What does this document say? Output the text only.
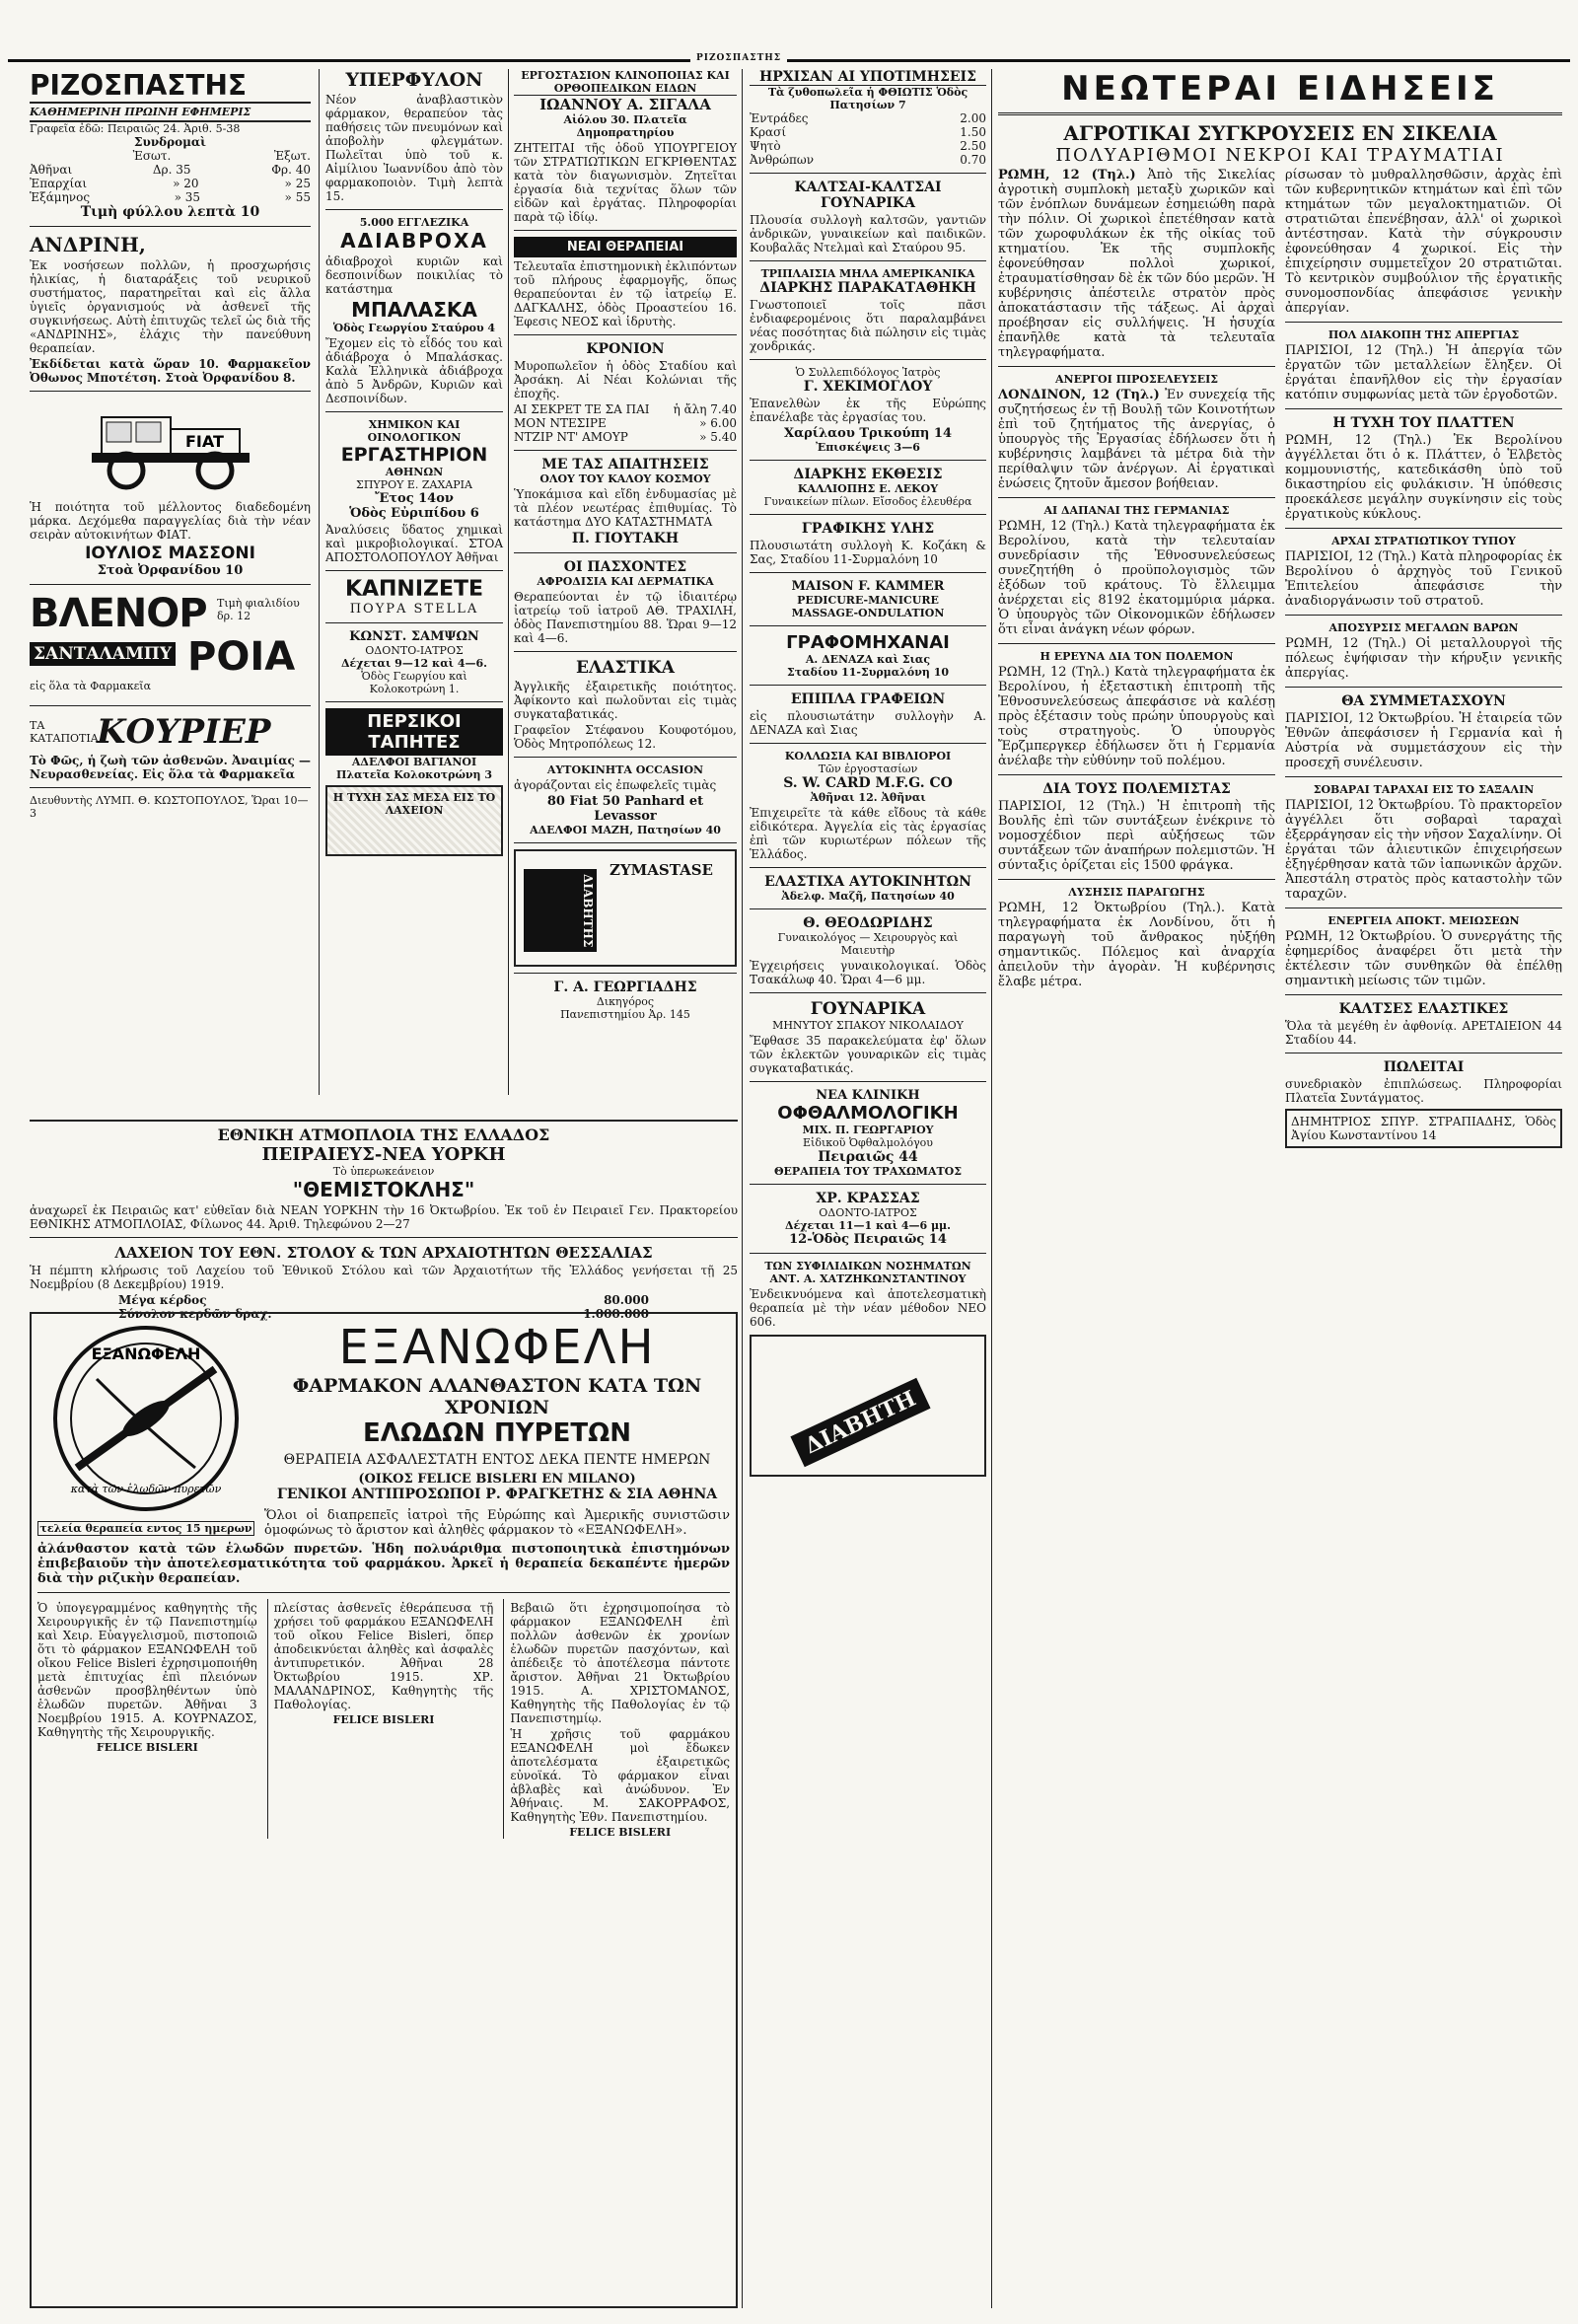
ΡΙΖΟΣΠΑΣΤΗΣ
ΡΙΖΟΣΠΑΣΤΗΣ
ΚΑΘΗΜΕΡΙΝΗ ΠΡΩΙΝΗ ΕΦΗΜΕΡΙΣ
Γραφεῖα ἐδῶ: Πειραιῶς 24. Ἀριθ. 5-38
Συνδρομαὶ
Ἐσωτ.	Ἐξωτ.
Ἀθῆναι	Δρ. 35	Φρ. 40
Ἐπαρχίαι	» 20	» 25
Ἑξάμηνος	» 35	» 55
Τιμὴ φύλλου λεπτὰ 10
ΑΝΔΡΙΝΗ,
Ἐκ νοσήσεων πολλῶν, ἡ προσχωρήσις ἡλικίας, ἡ διαταράξεις τοῦ νευρικοῦ συστήματος, παρατηρεῖται καὶ εἰς ἄλλα ὑγιεῖς ὀργανισμούς νὰ ἀσθενεῖ τῆς συγκινήσεως. Αὐτὴ ἐπιτυχῶς τελεῖ ὡς διὰ τῆς «ΑΝΔΡΙΝΗΣ», ἐλάχις τὴν πανεύθυνη θεραπείαν.
Ἐκδίδεται κατὰ ὥραν 10. Φαρμακεῖον Ὀθωνος Μποτέτση. Στοὰ Ὀρφανίδου 8.
FIAT
Ἡ ποιότητα τοῦ μέλλοντος διαδεδομένη μάρκα. Δεχόμεθα παραγγελίας διὰ τὴν νέαν σειρὰν αὐτοκινήτων ΦΙΑΤ.
ΙΟΥΛΙΟΣ ΜΑΣΣΟΝΙ
Στοὰ Ὀρφανίδου 10
ΒΛΕΝΟΡ Τιμὴ φιαλιδίου δρ. 12
ΣΑΝΤΑΛΑΜΠΥ ΡΟΙΑ
εἰς ὅλα τὰ Φαρμακεῖα
ΤΑ ΚΑΤΑΠΟΤΙΑ
ΚΟΥΡΙΕΡ
Τὸ Φῶς, ἡ ζωὴ τῶν ἀσθενῶν. Ἀναιμίας — Νευρασθενείας. Εἰς ὅλα τὰ Φαρμακεῖα
Διευθυντὴς ΛΥΜΠ. Θ. ΚΩΣΤΟΠΟΥΛΟΣ, Ὥραι 10—3
ΥΠΕΡΦΥΛΟΝ
Νέον ἀναβλαστικὸν φάρμακον, θεραπεύον τὰς παθήσεις τῶν πνευμόνων καὶ ἀποβολὴν φλεγμάτων. Πωλεῖται ὑπὸ τοῦ κ. Αἰμίλιου Ἰωαννίδου ἀπὸ τὸν φαρμακοποιὸν. Τιμὴ λεπτὰ 15.
5.000 ΕΓΓΛΕΖΙΚΑ
ΑΔΙΑΒΡΟΧΑ
ἀδιαβροχοὶ κυριῶν καὶ δεσποινίδων ποικιλίας τὸ κατάστημα
ΜΠΑΛΑΣΚΑ
Ὁδὸς Γεωργίου Σταύρου 4
Ἔχομεν εἰς τὸ εἶδός του καὶ ἀδιάβροχα ὁ Μπαλάσκας. Καλὰ Ἐλληνικὰ ἀδιάβροχα ἀπὸ 5 Ἀνδρῶν, Κυριῶν καὶ Δεσποινίδων.
ΧΗΜΙΚΟΝ ΚΑΙ ΟΙΝΟΛΟΓΙΚΟΝ
ΕΡΓΑΣΤΗΡΙΟΝ
ΑΘΗΝΩΝ
ΣΠΥΡΟΥ Ε. ΖΑΧΑΡΙΑ
Ἔτος 14ον
Ὁδὸς Εὐριπίδου 6
Ἀναλύσεις ὕδατος χημικαὶ καὶ μικροβιολογικαί. ΣΤΟΑ ΑΠΟΣΤΟΛΟΠΟΥΛΟΥ Ἀθῆναι
ΚΑΠΝΙΖΕΤΕ
ΠΟΥΡΑ STELLA
ΚΩΝΣΤ. ΣΑΜΨΩΝ
ΟΔΟΝΤΟ-ΙΑΤΡΟΣ
Δέχεται 9—12 καὶ 4—6.
Ὁδὸς Γεωργίου καὶ Κολοκοτρώνη 1.
ΠΕΡΣΙΚΟΙ ΤΑΠΗΤΕΣ
ΑΔΕΛΦΟΙ ΒΑΓΙΑΝΟΙ
Πλατεῖα Κολοκοτρώνη 3
Η ΤΥΧΗ ΣΑΣ ΜΕΣΑ ΕΙΣ ΤΟ ΛΑΧΕΙΟΝ
ΕΡΓΟΣΤΑΣΙΟΝ ΚΛΙΝΟΠΟΙΙΑΣ ΚΑΙ ΟΡΘΟΠΕΔΙΚΩΝ ΕΙΔΩΝ
ΙΩΑΝΝΟΥ Α. ΣΙΓΑΛΑ
Αἰόλου 30. Πλατεῖα Δημοπρατηρίου
ΖΗΤΕΙΤΑΙ τῆς ὁδοῦ ΥΠΟΥΡΓΕΙΟΥ τῶν ΣΤΡΑΤΙΩΤΙΚΩΝ ΕΓΚΡΙΘΕΝΤΑΣ κατὰ τὸν διαγωνισμὸν. Ζητεῖται ἐργασία διὰ τεχνίτας ὅλων τῶν εἰδῶν καὶ ἐργάτας. Πληροφορίαι παρὰ τῷ ἰδίῳ.
ΝΕΑΙ ΘΕΡΑΠΕΙΑΙ
Τελευταῖα ἐπιστημονικὴ ἐκλιπόντων τοῦ πλήρους ἐφαρμογῆς, ὅπως θεραπεύονται ἐν τῷ ἰατρείῳ Ε. ΔΑΓΚΑΛΗΣ, ὁδὸς Προαστείου 16. Ἐφεσις ΝΕΟΣ καὶ ἱδρυτὴς.
ΚΡΟΝΙΟΝ
Μυροπωλεῖον ἡ ὁδὸς Σταδίου καὶ Ἀρσάκη. Αἱ Νέαι Κολώνιαι τῆς ἐποχῆς.
ΑΙ ΣΕΚΡΕΤ ΤΕ ΣΑ ΠΑΙ ἡ ἄλη 7.40
ΜΟΝ ΝΤΕΣΙΡΕ	» 6.00
ΝΤΖΙΡ ΝΤ' ΑΜΟΥΡ	» 5.40
ΜΕ ΤΑΣ ΑΠΑΙΤΗΣΕΙΣ
ΟΛΟΥ ΤΟΥ ΚΑΛΟΥ ΚΟΣΜΟΥ
Ὑποκάμισα καὶ εἴδη ἐνδυμασίας μὲ τὰ πλέον νεωτέρας ἐπιθυμίας. Τὸ κατάστημα ΔΥΟ ΚΑΤΑΣΤΗΜΑΤΑ
Π. ΓΙΟΥΤΑΚΗ
ΟΙ ΠΑΣΧΟΝΤΕΣ
ΑΦΡΟΔΙΣΙΑ ΚΑΙ ΔΕΡΜΑΤΙΚΑ
Θεραπεύονται ἐν τῷ ἰδιαιτέρῳ ἰατρείῳ τοῦ ἰατροῦ ΑΘ. ΤΡΑΧΙΛΗ, ὁδὸς Πανεπιστημίου 88. Ὥραι 9—12 καὶ 4—6.
ΕΛΑΣΤΙΚΑ
Ἀγγλικῆς ἐξαιρετικῆς ποιότητος. Ἀφίκοντο καὶ πωλοῦνται εἰς τιμὰς συγκαταβατικάς.
Γραφεῖον Στέφανου Κουφοτόμου, Ὁδὸς Μητροπόλεως 12.
ΑΥΤΟΚΙΝΗΤΑ OCCASION
ἀγοράζονται εἰς ἐπωφελεῖς τιμὰς
80 Fiat 50 Panhard et Levassor
ΑΔΕΛΦΟΙ ΜΑΖΗ, Πατησίων 40
ΔΙΑΒΗΤΗΣ
ZYMASTASE
Γ. Α. ΓΕΩΡΓΙΑΔΗΣ
Δικηγόρος
Πανεπιστημίου Ἀρ. 145
ΗΡΧΙΣΑΝ ΑΙ ΥΠΟΤΙΜΗΣΕΙΣ
Τὰ ζυθοπωλεῖα ἡ ΦΘΙΩΤΙΣ Ὁδὸς Πατησίων 7
Ἐντράδες	2.00
Κρασί	1.50
Ψητὸ	2.50
Ἀνθρώπων	0.70
ΚΑΛΤΣΑΙ-ΚΑΛΤΣΑΙ
ΓΟΥΝΑΡΙΚΑ
Πλουσία συλλογὴ καλτσῶν, γαντιῶν ἀνδρικῶν, γυναικείων καὶ παιδικῶν. Κουβαλᾶς Ντελμαὶ καὶ Σταύρου 95.
ΤΡΙΠΛΑΙΣΙΑ ΜΗΛΑ ΑΜΕΡΙΚΑΝΙΚΑ
ΔΙΑΡΚΗΣ ΠΑΡΑΚΑΤΑΘΗΚΗ
Γνωστοποιεῖ τοῖς πᾶσι ἐνδιαφερομένοις ὅτι παραλαμβάνει νέας ποσότητας διὰ πώλησιν εἰς τιμὰς χονδρικάς.
Ὁ Συλλεπιδόλογος Ἰατρὸς
Γ. ΧΕΚΙΜΟΓΛΟΥ
Ἐπανελθὼν ἐκ τῆς Εὐρώπης ἐπανέλαβε τὰς ἐργασίας του.
Χαρίλαου Τρικούπη 14
Ἐπισκέψεις 3—6
ΔΙΑΡΚΗΣ ΕΚΘΕΣΙΣ
ΚΑΛΛΙΟΠΗΣ Ε. ΛΕΚΟΥ
Γυναικείων πίλων. Εἴσοδος ἐλευθέρα
ΓΡΑΦΙΚΗΣ ΥΛΗΣ
Πλουσιωτάτη συλλογὴ Κ. Κοζάκη & Σας, Σταδίου 11-Συρμαλόνη 10
MAISON F. KAMMER
PEDICURE-MANICURE
MASSAGE-ONDULATION
ΓΡΑΦΟΜΗΧΑΝΑΙ
Α. ΔΕΝΑΖΑ καὶ Σιας
Σταδίου 11-Συρμαλόνη 10
ΕΠΙΠΛΑ ΓΡΑΦΕΙΩΝ
εἰς πλουσιωτάτην συλλογὴν Α. ΔΕΝΑΖΑ καὶ Σιας
ΚΟΛΛΩΣΙΑ ΚΑΙ ΒΙΒΛΙΟΡΟΙ
Τῶν ἐργοστασίων
S. W. CARD M.F.G. CO
Ἀθῆναι 12. Ἀθῆναι
Ἐπιχειρεῖτε τὰ κάθε εἴδους τὰ κάθε εἰδικότερα. Ἀγγελία εἰς τὰς ἐργασίας ἐπὶ τῶν κυριωτέρων πόλεων τῆς Ἑλλάδος.
ΕΛΑΣΤΙΧΑ ΑΥΤΟΚΙΝΗΤΩΝ
Ἀδελφ. Μαζῆ, Πατησίων 40
Θ. ΘΕΟΔΩΡΙΔΗΣ
Γυναικολόγος — Χειρουργὸς καὶ Μαιευτὴρ
Ἐγχειρήσεις γυναικολογικαί. Ὁδὸς Τσακάλωφ 40. Ὥραι 4—6 μμ.
ΓΟΥΝΑΡΙΚΑ
ΜΗΝΥΤΟΥ ΣΠΑΚΟΥ ΝΙΚΟΛΑΙΔΟΥ
Ἔφθασε 35 παρακελεύματα ἐφ' ὅλων τῶν ἐκλεκτῶν γουναρικῶν εἰς τιμὰς συγκαταβατικάς.
ΝΕΑ ΚΛΙΝΙΚΗ
ΟΦΘΑΛΜΟΛΟΓΙΚΗ
ΜΙΧ. Π. ΓΕΩΡΓΑΡΙΟΥ
Εἰδικοῦ Ὀφθαλμολόγου
Πειραιῶς 44
ΘΕΡΑΠΕΙΑ ΤΟΥ ΤΡΑΧΩΜΑΤΟΣ
ΧΡ. ΚΡΑΣΣΑΣ
ΟΔΟΝΤΟ-ΙΑΤΡΟΣ
Δέχεται 11—1 καὶ 4—6 μμ.
12-Ὁδὸς Πειραιῶς 14
ΤΩΝ ΣΥΦΙΛΙΔΙΚΩΝ ΝΟΣΗΜΑΤΩΝ
ΑΝΤ. Α. ΧΑΤΖΗΚΩΝΣΤΑΝΤΙΝΟΥ
Ἐνδεικνυόμενα καὶ ἀποτελεσματικὴ θεραπεία μὲ τὴν νέαν μέθοδον NEO 606.
ΔΙΑΒΗΤΗ
ΝΕΩΤΕΡΑΙ ΕΙΔΗΣΕΙΣ
ΑΓΡΟΤΙΚΑΙ ΣΥΓΚΡΟΥΣΕΙΣ ΕΝ ΣΙΚΕΛΙΑ
ΠΟΛΥΑΡΙΘΜΟΙ ΝΕΚΡΟΙ ΚΑΙ ΤΡΑΥΜΑΤΙΑΙ
ΡΩΜΗ, 12 (Τηλ.) Ἀπὸ τῆς Σικελίας ἀγροτικὴ συμπλοκὴ μεταξὺ χωρικῶν καὶ τῶν ἐνόπλων δυνάμεων ἐσημειώθη παρὰ τὴν πόλιν. Οἱ χωρικοὶ ἐπετέθησαν κατὰ τῶν χωροφυλάκων ἐκ τῆς οἰκίας τοῦ κτηματίου. Ἐκ τῆς συμπλοκῆς ἐφονεύθησαν πολλοὶ χωρικοί, ἐτραυματίσθησαν δὲ ἐκ τῶν δύο μερῶν. Ἡ κυβέρνησις ἀπέστειλε στρατὸν πρὸς ἀποκατάστασιν τῆς τάξεως. Αἱ ἀρχαὶ προέβησαν εἰς συλλήψεις. Ἡ ἡσυχία ἐπανῆλθε κατὰ τὰ τελευταῖα τηλεγραφήματα.
ΑΝΕΡΓΟΙ ΠΙΡΟΣΕΛΕΥΣΕΙΣ
ΛΟΝΔΙΝΟΝ, 12 (Τηλ.) Ἐν συνεχείᾳ τῆς συζητήσεως ἐν τῇ Βουλῇ τῶν Κοινοτήτων ἐπὶ τοῦ ζητήματος τῆς ἀνεργίας, ὁ ὑπουργὸς τῆς Ἐργασίας ἐδήλωσεν ὅτι ἡ κυβέρνησις λαμβάνει τὰ μέτρα διὰ τὴν περίθαλψιν τῶν ἀνέργων. Αἱ ἐργατικαὶ ἑνώσεις ζητοῦν ἄμεσον βοήθειαν.
ΑΙ ΔΑΠΑΝΑΙ ΤΗΣ ΓΕΡΜΑΝΙΑΣ
ΡΩΜΗ, 12 (Τηλ.) Κατὰ τηλεγραφήματα ἐκ Βερολίνου, κατὰ τὴν τελευταίαν συνεδρίασιν τῆς Ἐθνοσυνελεύσεως συνεζητήθη ὁ προϋπολογισμὸς τῶν ἐξόδων τοῦ κράτους. Τὸ ἔλλειμμα ἀνέρχεται εἰς 8192 ἑκατομμύρια μάρκα. Ὁ ὑπουργὸς τῶν Οἰκονομικῶν ἐδήλωσεν ὅτι εἶναι ἀνάγκη νέων φόρων.
Η ΕΡΕΥΝΑ ΔΙΑ ΤΟΝ ΠΟΛΕΜΟΝ
ΡΩΜΗ, 12 (Τηλ.) Κατὰ τηλεγραφήματα ἐκ Βερολίνου, ἡ ἐξεταστικὴ ἐπιτροπὴ τῆς Ἐθνοσυνελεύσεως ἀπεφάσισε νὰ καλέσῃ πρὸς ἐξέτασιν τοὺς πρώην ὑπουργοὺς καὶ τοὺς στρατηγοὺς. Ὁ ὑπουργὸς Ἔρζμπεργκερ ἐδήλωσεν ὅτι ἡ Γερμανία ἀνέλαβε τὴν εὐθύνην τοῦ πολέμου.
ΔΙΑ ΤΟΥΣ ΠΟΛΕΜΙΣΤΑΣ
ΠΑΡΙΣΙΟΙ, 12 (Τηλ.) Ἡ ἐπιτροπὴ τῆς Βουλῆς ἐπὶ τῶν συντάξεων ἐνέκρινε τὸ νομοσχέδιον περὶ αὐξήσεως τῶν συντάξεων τῶν ἀναπήρων πολεμιστῶν. Ἡ σύνταξις ὁρίζεται εἰς 1500 φράγκα.
ΛΥΣΗΣΙΣ ΠΑΡΑΓΩΓΗΣ
ΡΩΜΗ, 12 Ὀκτωβρίου (Τηλ.). Κατὰ τηλεγραφήματα ἐκ Λονδίνου, ὅτι ἡ παραγωγὴ τοῦ ἄνθρακος ηὐξήθη σημαντικῶς. Πόλεμος καὶ ἀναρχία ἀπειλοῦν τὴν ἀγορὰν. Ἡ κυβέρνησις ἔλαβε μέτρα.
ρίσωσαν τὸ μυθραλλησθῶσιν, ἀρχὰς ἐπὶ τῶν κυβερνητικῶν κτημάτων καὶ ἐπὶ τῶν κτημάτων τῶν μεγαλοκτηματιῶν. Οἱ στρατιῶται ἐπενέβησαν, ἀλλ' οἱ χωρικοὶ ἀντέστησαν. Κατὰ τὴν σύγκρουσιν ἐφονεύθησαν 4 χωρικοί. Εἰς τὴν ἐπιχείρησιν συμμετεῖχον 20 στρατιῶται. Τὸ κεντρικὸν συμβούλιον τῆς ἐργατικῆς συνομοσπονδίας ἀπεφάσισε γενικὴν ἀπεργίαν.
ΠΟΛ ΔΙΑΚΟΠΗ ΤΗΣ ΑΠΕΡΓΙΑΣ
ΠΑΡΙΣΙΟΙ, 12 (Τηλ.) Ἡ ἀπεργία τῶν ἐργατῶν τῶν μεταλλείων ἔληξεν. Οἱ ἐργάται ἐπανῆλθον εἰς τὴν ἐργασίαν κατόπιν συμφωνίας μετὰ τῶν ἐργοδοτῶν.
Η ΤΥΧΗ ΤΟΥ ΠΛΑΤΤΕΝ
ΡΩΜΗ, 12 (Τηλ.) Ἐκ Βερολίνου ἀγγέλλεται ὅτι ὁ κ. Πλάττεν, ὁ Ἑλβετὸς κομμουνιστής, κατεδικάσθη ὑπὸ τοῦ δικαστηρίου εἰς φυλάκισιν. Ἡ ὑπόθεσις προεκάλεσε μεγάλην συγκίνησιν εἰς τοὺς ἐργατικοὺς κύκλους.
ΑΡΧΑΙ ΣΤΡΑΤΙΩΤΙΚΟΥ ΤΥΠΟΥ
ΠΑΡΙΣΙΟΙ, 12 (Τηλ.) Κατὰ πληροφορίας ἐκ Βερολίνου ὁ ἀρχηγὸς τοῦ Γενικοῦ Ἐπιτελείου ἀπεφάσισε τὴν ἀναδιοργάνωσιν τοῦ στρατοῦ.
ΑΠΟΣΥΡΣΙΣ ΜΕΓΑΛΩΝ ΒΑΡΩΝ
ΡΩΜΗ, 12 (Τηλ.) Οἱ μεταλλουργοὶ τῆς πόλεως ἐψήφισαν τὴν κήρυξιν γενικῆς ἀπεργίας.
ΘΑ ΣΥΜΜΕΤΑΣΧΟΥΝ
ΠΑΡΙΣΙΟΙ, 12 Ὀκτωβρίου. Ἡ ἐταιρεία τῶν Ἐθνῶν ἀπεφάσισεν ἡ Γερμανία καὶ ἡ Αὐστρία νὰ συμμετάσχουν εἰς τὴν προσεχῆ συνέλευσιν.
ΣΟΒΑΡΑΙ ΤΑΡΑΧΑΙ ΕΙΣ ΤΟ ΣΑΞΑΛΙΝ
ΠΑΡΙΣΙΟΙ, 12 Ὀκτωβρίου. Τὸ πρακτορεῖον ἀγγέλλει ὅτι σοβαραὶ ταραχαὶ ἐξερράγησαν εἰς τὴν νῆσον Σαχαλίνην. Οἱ ἐργάται τῶν ἀλιευτικῶν ἐπιχειρήσεων ἐξηγέρθησαν κατὰ τῶν ἰαπωνικῶν ἀρχῶν. Ἀπεστάλη στρατὸς πρὸς καταστολὴν τῶν ταραχῶν.
ΕΝΕΡΓΕΙΑ ΑΠΟΚΤ. ΜΕΙΩΣΕΩΝ
ΡΩΜΗ, 12 Ὀκτωβρίου. Ὁ συνεργάτης τῆς ἐφημερίδος ἀναφέρει ὅτι μετὰ τὴν ἐκτέλεσιν τῶν συνθηκῶν θὰ ἐπέλθῃ σημαντικὴ μείωσις τῶν τιμῶν.
ΚΑΛΤΣΕΣ ΕΛΑΣΤΙΚΕΣ
Ὅλα τὰ μεγέθη ἐν ἀφθονίᾳ. ΑΡΕΤΑΙΕΙΟΝ 44 Σταδίου 44.
ΠΩΛΕΙΤΑΙ
συνεδριακὸν ἐπιπλώσεως. Πληροφορίαι Πλατεῖα Συντάγματος.
ΔΗΜΗΤΡΙΟΣ ΣΠΥΡ. ΣΤΡΑΠΙΑΔΗΣ, Ὁδὸς Ἀγίου Κωνσταντίνου 14
ΕΘΝΙΚΗ ΑΤΜΟΠΛΟΙΑ ΤΗΣ ΕΛΛΑΔΟΣ
ΠΕΙΡΑΙΕΥΣ-ΝΕΑ ΥΟΡΚΗ
Τὸ ὑπερωκεάνειον
"ΘΕΜΙΣΤΟΚΛΗΣ"
ἀναχωρεῖ ἐκ Πειραιῶς κατ' εὐθεῖαν διὰ ΝΕΑΝ ΥΟΡΚΗΝ τὴν 16 Ὀκτωβρίου. Ἐκ τοῦ ἐν Πειραιεῖ Γεν. Πρακτορείου ΕΘΝΙΚΗΣ ΑΤΜΟΠΛΟΙΑΣ, Φίλωνος 44. Ἀριθ. Τηλεφώνου 2—27
ΛΑΧΕΙΟΝ ΤΟΥ ΕΘΝ. ΣΤΟΛΟΥ & ΤΩΝ ΑΡΧΑΙΟΤΗΤΩΝ ΘΕΣΣΑΛΙΑΣ
Ἡ πέμπτη κλήρωσις τοῦ Λαχείου τοῦ Ἐθνικοῦ Στόλου καὶ τῶν Ἀρχαιοτήτων τῆς Ἑλλάδος γενήσεται τῇ 25 Νοεμβρίου (8 Δεκεμβρίου) 1919.
Μέγα κέρδος	80.000
Σύνολον κερδῶν δραχ.	1.000.000
ΕΞΑΝΩΦΕΛΗ
κατὰ τῶν ἑλωδῶν πυρετῶν
τελεία θεραπεία εντος 15 ημερων
ΕΞΑΝΩΦΕΛΗ
ΦΑΡΜΑΚΟΝ ΑΛΑΝΘΑΣΤΟΝ ΚΑΤΑ ΤΩΝ ΧΡΟΝΙΩΝ
ΕΛΩΔΩΝ ΠΥΡΕΤΩΝ
ΘΕΡΑΠΕΙΑ ΑΣΦΑΛΕΣΤΑΤΗ ΕΝΤΟΣ ΔΕΚΑ ΠΕΝΤΕ ΗΜΕΡΩΝ
(ΟΙΚΟΣ FELICE BISLERI EN MILANO)
ΓΕΝΙΚΟΙ ΑΝΤΙΠΡΟΣΩΠΟΙ Ρ. ΦΡΑΓΚΕΤΗΣ & ΣΙΑ ΑΘΗΝΑ
Ὅλοι οἱ διαπρεπεῖς ἰατροὶ τῆς Εὐρώπης καὶ Ἀμερικῆς συνιστῶσιν ὁμοφώνως τὸ ἄριστον καὶ ἀληθὲς φάρμακον τὸ «ΕΞΑΝΩΦΕΛΗ».
ἀλάνθαστον κατὰ τῶν ἑλωδῶν πυρετῶν. Ἡδη πολυάριθμα πιστοποιητικὰ ἐπιστημόνων ἐπιβεβαιοῦν τὴν ἀποτελεσματικότητα τοῦ φαρμάκου. Ἀρκεῖ ἡ θεραπεία δεκαπέντε ἡμερῶν διὰ τὴν ριζικὴν θεραπείαν.
Ὁ ὑπογεγραμμένος καθηγητὴς τῆς Χειρουργικῆς ἐν τῷ Πανεπιστημίῳ καὶ Χειρ. Εὐαγγελισμοῦ, πιστοποιῶ ὅτι τὸ φάρμακον ΕΞΑΝΩΦΕΛΗ τοῦ οἴκου Felice Bisleri ἐχρησιμοποιήθη μετὰ ἐπιτυχίας ἐπὶ πλειόνων ἀσθενῶν προσβληθέντων ὑπὸ ἑλωδῶν πυρετῶν. Ἀθῆναι 3 Νοεμβρίου 1915. Α. ΚΟΥΡΝΑΖΟΣ, Καθηγητὴς τῆς Χειρουργικῆς.
FELICE BISLERI
πλείστας ἀσθενεῖς ἐθεράπευσα τῇ χρήσει τοῦ φαρμάκου ΕΞΑΝΩΦΕΛΗ τοῦ οἴκου Felice Bisleri, ὅπερ ἀποδεικνύεται ἀληθὲς καὶ ἀσφαλὲς ἀντιπυρετικόν. Ἀθῆναι 28 Ὀκτωβρίου 1915. ΧΡ. ΜΑΛΑΝΔΡΙΝΟΣ, Καθηγητὴς τῆς Παθολογίας.
FELICE BISLERI
Βεβαιῶ ὅτι ἐχρησιμοποίησα τὸ φάρμακον ΕΞΑΝΩΦΕΛΗ ἐπὶ πολλῶν ἀσθενῶν ἐκ χρονίων ἑλωδῶν πυρετῶν πασχόντων, καὶ ἀπέδειξε τὸ ἀποτέλεσμα πάντοτε ἄριστον. Ἀθῆναι 21 Ὀκτωβρίου 1915. Α. ΧΡΙΣΤΟΜΑΝΟΣ, Καθηγητὴς τῆς Παθολογίας ἐν τῷ Πανεπιστημίῳ.
Ἡ χρῆσις τοῦ φαρμάκου ΕΞΑΝΩΦΕΛΗ μοὶ ἔδωκεν ἀποτελέσματα ἐξαιρετικῶς εὐνοϊκά. Τὸ φάρμακον εἶναι ἀβλαβὲς καὶ ἀνώδυνον. Ἐν Ἀθήναις. Μ. ΣΑΚΟΡΡΑΦΟΣ, Καθηγητὴς Ἐθν. Πανεπιστημίου.
FELICE BISLERI
